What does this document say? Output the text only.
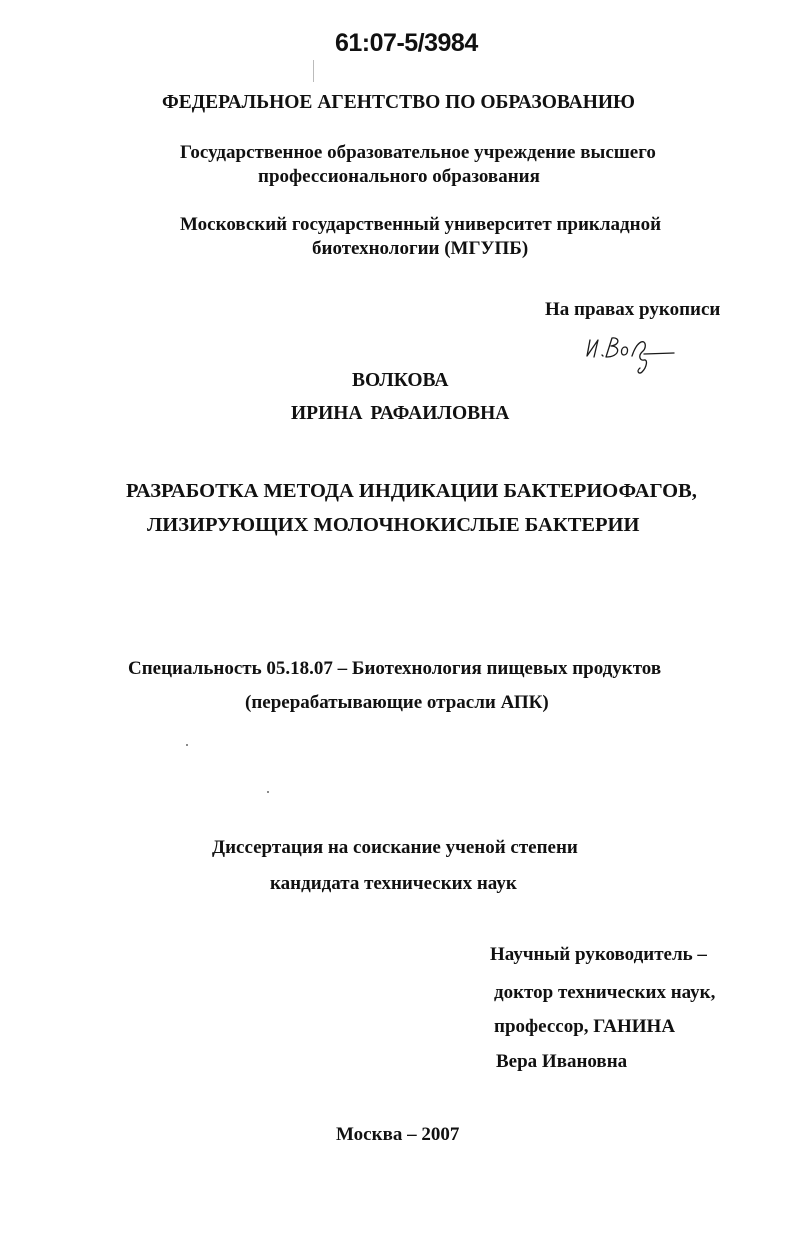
61:07-5/3984
ФЕДЕРАЛЬНОЕ АГЕНТСТВО ПО ОБРАЗОВАНИЮ
Государственное образовательное учреждение высшего
профессионального образования
Московский государственный университет прикладной
биотехнологии (МГУПБ)
На правах рукописи
ВОЛКОВА
ИРИНА РАФАИЛОВНА
РАЗРАБОТКА МЕТОДА ИНДИКАЦИИ БАКТЕРИОФАГОВ,
ЛИЗИРУЮЩИХ МОЛОЧНОКИСЛЫЕ БАКТЕРИИ
Специальность 05.18.07 – Биотехнология пищевых продуктов
(перерабатывающие отрасли АПК)
Диссертация на соискание ученой степени
кандидата технических наук
Научный руководитель –
доктор технических наук,
профессор, ГАНИНА
Вера Ивановна
Москва – 2007
